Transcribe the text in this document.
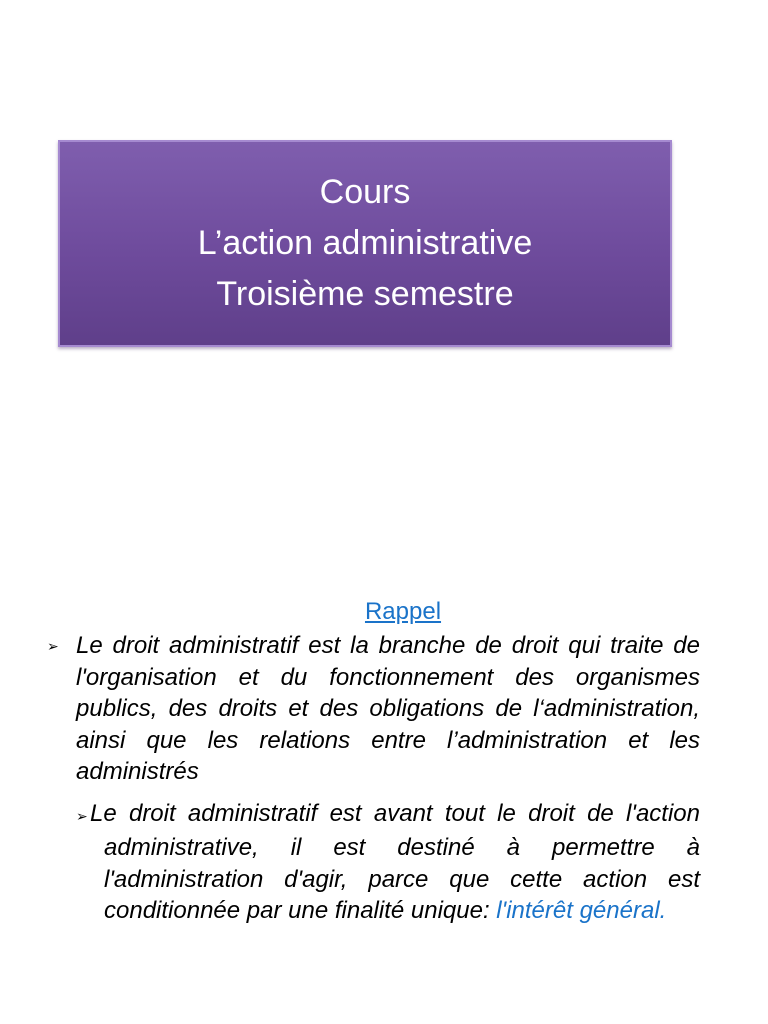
Cours
L’action administrative
Troisième semestre
Rappel
➢ Le droit administratif est la branche de droit qui traite de l'organisation et du fonctionnement des organismes publics, des droits et des obligations de l‘administration, ainsi que les relations entre l’administration et les administrés
➢Le droit administratif est avant tout le droit de l'action administrative, il est destiné à permettre à l'administration d'agir, parce que cette action est conditionnée par une finalité unique: l'intérêt général.
